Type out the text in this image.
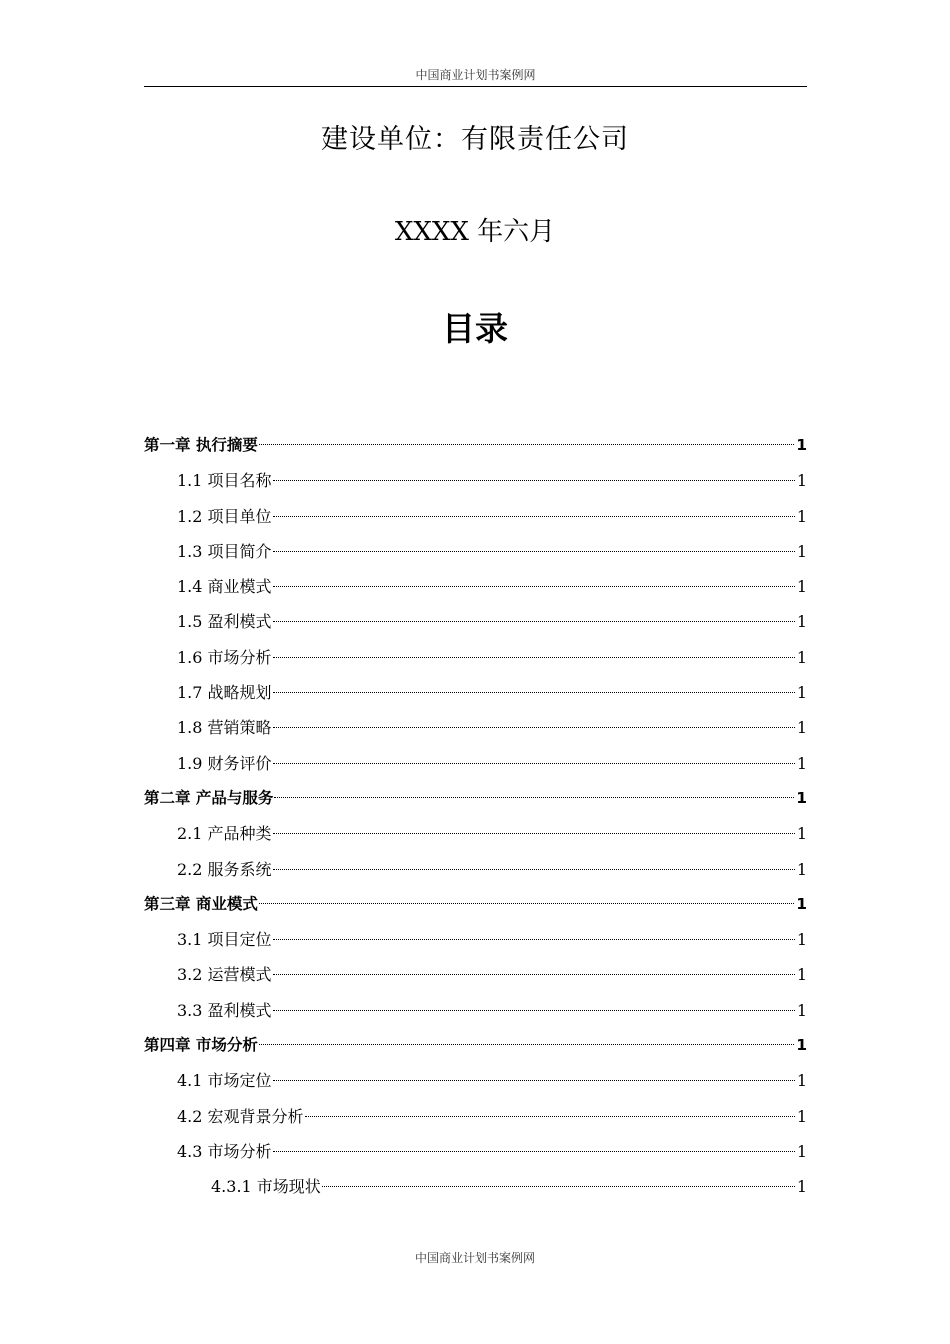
中国商业计划书案例网
建设单位：有限责任公司
XXXX 年六月
目录
第一章 执行摘要	1
1.1 项目名称	1
1.2 项目单位	1
1.3 项目简介	1
1.4 商业模式	1
1.5 盈利模式	1
1.6 市场分析	1
1.7 战略规划	1
1.8 营销策略	1
1.9 财务评价	1
第二章 产品与服务	1
2.1 产品种类	1
2.2 服务系统	1
第三章 商业模式	1
3.1 项目定位	1
3.2 运营模式	1
3.3 盈利模式	1
第四章 市场分析	1
4.1 市场定位	1
4.2 宏观背景分析	1
4.3 市场分析	1
4.3.1 市场现状	1
中国商业计划书案例网
